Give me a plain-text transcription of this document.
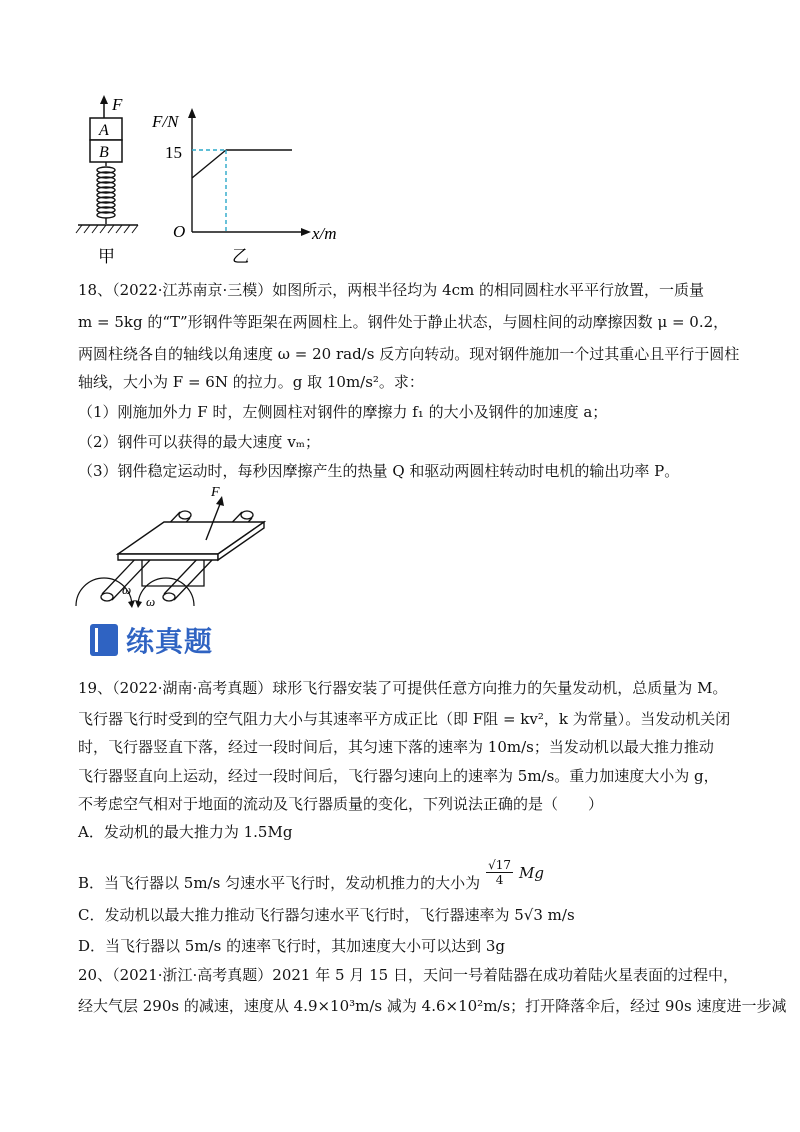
F
A
B
甲
F/N
15
O	x/m
乙
18、（2022·江苏南京·三模）如图所示，两根半径均为 4cm 的相同圆柱水平平行放置，一质量
m = 5kg 的“T”形钢件等距架在两圆柱上。钢件处于静止状态，与圆柱间的动摩擦因数 μ = 0.2，
两圆柱绕各自的轴线以角速度 ω = 20 rad/s 反方向转动。现对钢件施加一个过其重心且平行于圆柱
轴线，大小为 F = 6N 的拉力。g 取 10m/s²。求：
（1）刚施加外力 F 时，左侧圆柱对钢件的摩擦力 f₁ 的大小及钢件的加速度 a；
（2）钢件可以获得的最大速度 vₘ；
（3）钢件稳定运动时，每秒因摩擦产生的热量 Q 和驱动两圆柱转动时电机的输出功率 P。
F
ω
ω
练真题
19、（2022·湖南·高考真题）球形飞行器安装了可提供任意方向推力的矢量发动机，总质量为 M。
飞行器飞行时受到的空气阻力大小与其速率平方成正比（即 F阻 = kv²，k 为常量）。当发动机关闭
时，飞行器竖直下落，经过一段时间后，其匀速下落的速率为 10m/s；当发动机以最大推力推动
飞行器竖直向上运动，经过一段时间后，飞行器匀速向上的速率为 5m/s。重力加速度大小为 g，
不考虑空气相对于地面的流动及飞行器质量的变化，下列说法正确的是（　　）
A．发动机的最大推力为 1.5Mg
B．当飞行器以 5m/s 匀速水平飞行时，发动机推力的大小为 $\frac{√17}{4}$ Mg
C．发动机以最大推力推动飞行器匀速水平飞行时，飞行器速率为 5√3 m/s
D．当飞行器以 5m/s 的速率飞行时，其加速度大小可以达到 3g
20、（2021·浙江·高考真题）2021 年 5 月 15 日，天问一号着陆器在成功着陆火星表面的过程中，
经大气层 290s 的减速，速度从 4.9×10³m/s 减为 4.6×10²m/s；打开降落伞后，经过 90s 速度进一步减
